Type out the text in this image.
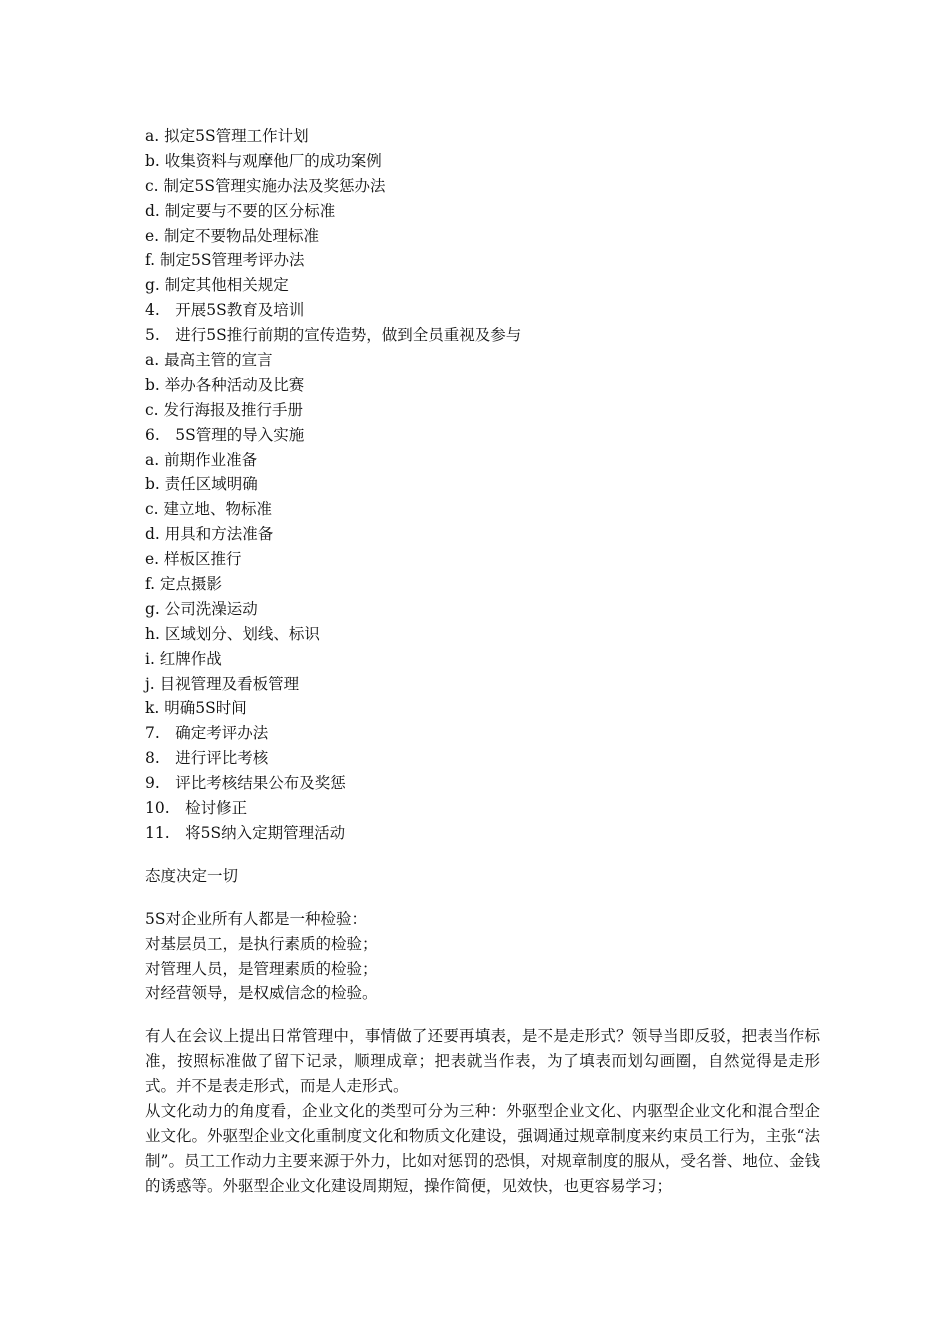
a. 拟定5S管理工作计划
b. 收集资料与观摩他厂的成功案例
c. 制定5S管理实施办法及奖惩办法
d. 制定要与不要的区分标准
e. 制定不要物品处理标准
f. 制定5S管理考评办法
g. 制定其他相关规定
4.　开展5S教育及培训
5.　进行5S推行前期的宣传造势，做到全员重视及参与
a. 最高主管的宣言
b. 举办各种活动及比赛
c. 发行海报及推行手册
6.　5S管理的导入实施
a. 前期作业准备
b. 责任区域明确
c. 建立地、物标准
d. 用具和方法准备
e. 样板区推行
f. 定点摄影
g. 公司洗澡运动
h. 区域划分、划线、标识
i. 红牌作战
j. 目视管理及看板管理
k. 明确5S时间
7.　确定考评办法
8.　进行评比考核
9.　评比考核结果公布及奖惩
10.　检讨修正
11.　将5S纳入定期管理活动
态度决定一切
5S对企业所有人都是一种检验：
对基层员工，是执行素质的检验；
对管理人员，是管理素质的检验；
对经营领导，是权威信念的检验。
有人在会议上提出日常管理中，事情做了还要再填表，是不是走形式？领导当即反驳，把表当作标准，按照标准做了留下记录，顺理成章；把表就当作表，为了填表而划勾画圈，自然觉得是走形式。并不是表走形式，而是人走形式。
从文化动力的角度看，企业文化的类型可分为三种：外驱型企业文化、内驱型企业文化和混合型企业文化。外驱型企业文化重制度文化和物质文化建设，强调通过规章制度来约束员工行为，主张“法制”。员工工作动力主要来源于外力，比如对惩罚的恐惧，对规章制度的服从，受名誉、地位、金钱的诱惑等。外驱型企业文化建设周期短，操作简便，见效快，也更容易学习；
